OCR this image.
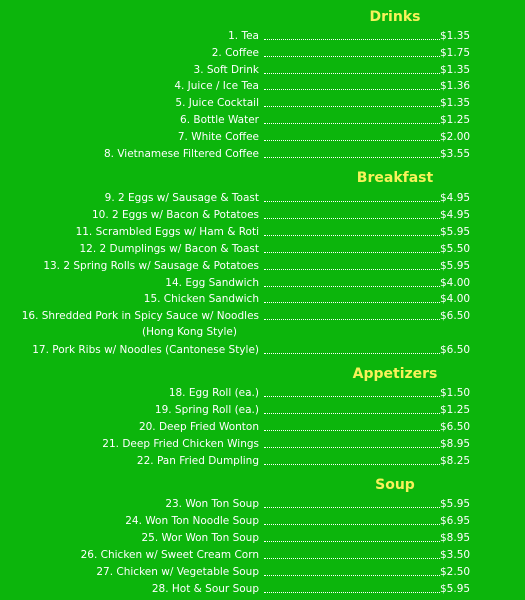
Drinks
1. Tea	$1.35
2. Coffee	$1.75
3. Soft Drink	$1.35
4. Juice / Ice Tea	$1.36
5. Juice Cocktail	$1.35
6. Bottle Water	$1.25
7. White Coffee	$2.00
8. Vietnamese Filtered Coffee	$3.55
Breakfast
9. 2 Eggs w/ Sausage & Toast	$4.95
10. 2 Eggs w/ Bacon & Potatoes	$4.95
11. Scrambled Eggs w/ Ham & Roti	$5.95
12. 2 Dumplings w/ Bacon & Toast	$5.50
13. 2 Spring Rolls w/ Sausage & Potatoes	$5.95
14. Egg Sandwich	$4.00
15. Chicken Sandwich	$4.00
16. Shredded Pork in Spicy Sauce w/ Noodles	$6.50
(Hong Kong Style)
17. Pork Ribs w/ Noodles (Cantonese Style)	$6.50
Appetizers
18. Egg Roll (ea.)	$1.50
19. Spring Roll (ea.)	$1.25
20. Deep Fried Wonton	$6.50
21. Deep Fried Chicken Wings	$8.95
22. Pan Fried Dumpling	$8.25
Soup
23. Won Ton Soup	$5.95
24. Won Ton Noodle Soup	$6.95
25. Wor Won Ton Soup	$8.95
26. Chicken w/ Sweet Cream Corn	$3.50
27. Chicken w/ Vegetable Soup	$2.50
28. Hot & Sour Soup	$5.95
